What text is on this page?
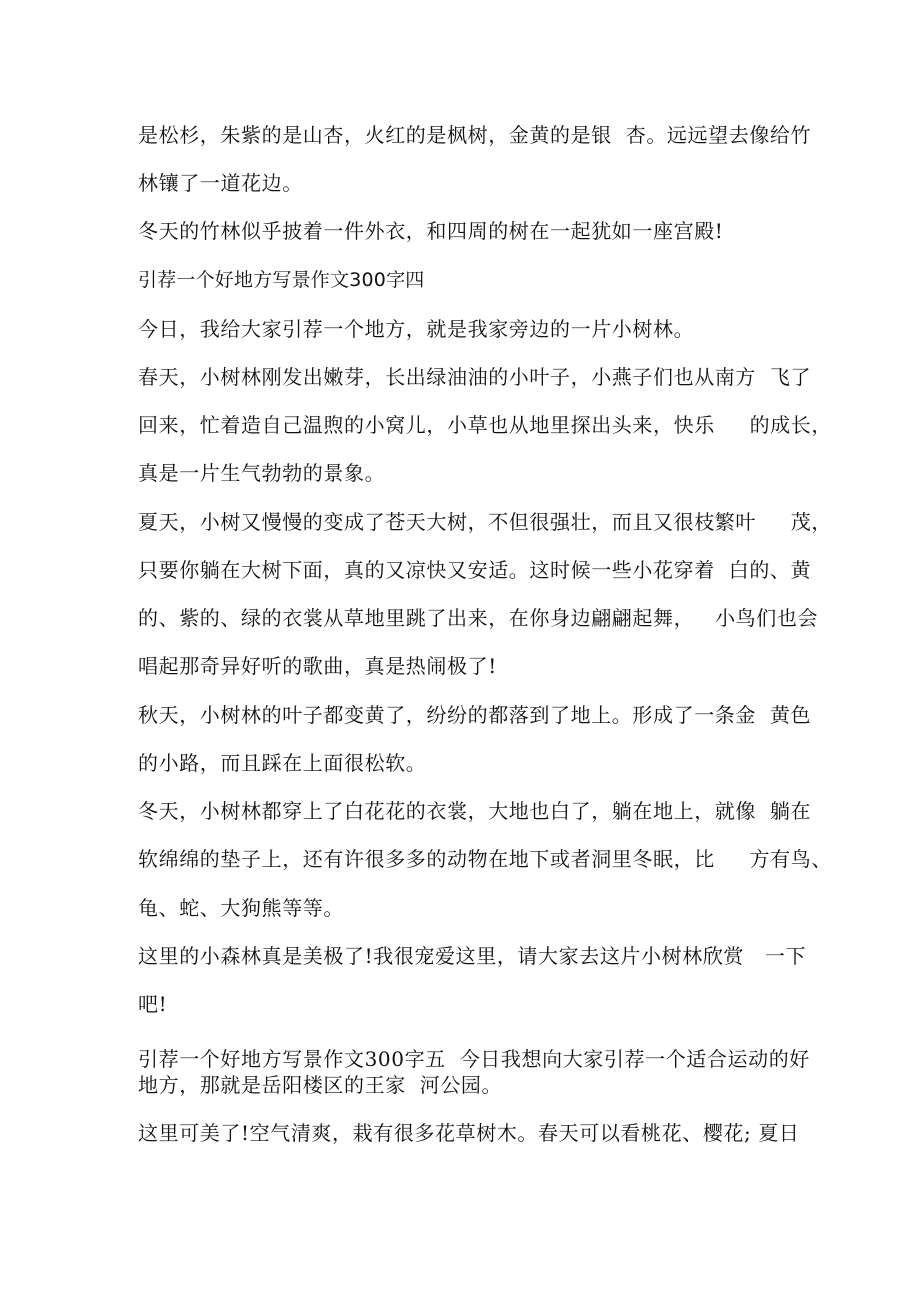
是松杉，朱紫的是山杏，火红的是枫树，金黄的是银  杏。远远望去像给竹
林镶了一道花边。
冬天的竹林似乎披着一件外衣，和四周的树在一起犹如一座宫殿!
引荐一个好地方写景作文300字四
今日，我给大家引荐一个地方，就是我家旁边的一片小树林。
春天，小树林刚发出嫩芽，长出绿油油的小叶子，小燕子们也从南方  飞了
回来，忙着造自己温煦的小窝儿，小草也从地里探出头来，快乐     的成长，
真是一片生气勃勃的景象。
夏天，小树又慢慢的变成了苍天大树，不但很强壮，而且又很枝繁叶     茂，
只要你躺在大树下面，真的又凉快又安适。这时候一些小花穿着  白的、黄
的、紫的、绿的衣裳从草地里跳了出来，在你身边翩翩起舞，   小鸟们也会
唱起那奇异好听的歌曲，真是热闹极了!
秋天，小树林的叶子都变黄了，纷纷的都落到了地上。形成了一条金  黄色
的小路，而且踩在上面很松软。
冬天，小树林都穿上了白花花的衣裳，大地也白了，躺在地上，就像  躺在
软绵绵的垫子上，还有许很多多的动物在地下或者洞里冬眠，比     方有鸟、
龟、蛇、大狗熊等等。
这里的小森林真是美极了!我很宠爱这里，请大家去这片小树林欣赏   一下
吧!
引荐一个好地方写景作文300字五  今日我想向大家引荐一个适合运动的好
地方，那就是岳阳楼区的王家  河公园。
这里可美了!空气清爽，栽有很多花草树木。春天可以看桃花、樱花; 夏日
